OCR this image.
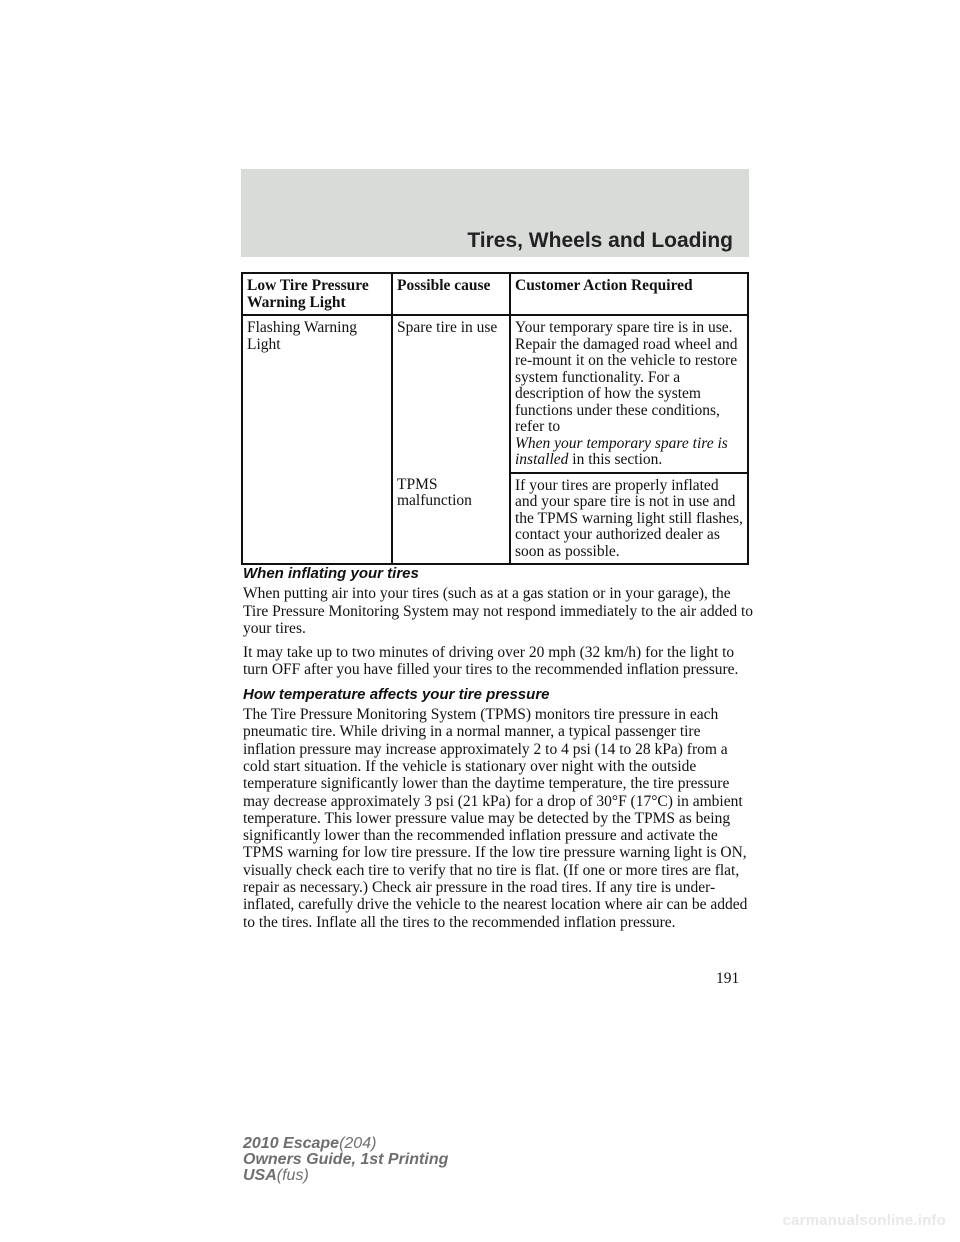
Tires, Wheels and Loading
Low Tire Pressure Warning Light	Possible cause	Customer Action Required
Flashing Warning Light	Spare tire in use	Your temporary spare tire is in use. Repair the damaged road wheel and re-mount it on the vehicle to restore system functionality. For a description of how the system functions under these conditions, refer to
When your temporary spare tire is installed in this section.
	TPMS malfunction	If your tires are properly inflated and your spare tire is not in use and the TPMS warning light still flashes, contact your authorized dealer as soon as possible.
When inflating your tires

When putting air into your tires (such as at a gas station or in your garage), the Tire Pressure Monitoring System may not respond immediately to the air added to your tires.

It may take up to two minutes of driving over 20 mph (32 km/h) for the light to turn OFF after you have filled your tires to the recommended inflation pressure.

How temperature affects your tire pressure

The Tire Pressure Monitoring System (TPMS) monitors tire pressure in each pneumatic tire. While driving in a normal manner, a typical passenger tire inflation pressure may increase approximately 2 to 4 psi (14 to 28 kPa) from a cold start situation. If the vehicle is stationary over night with the outside temperature significantly lower than the daytime temperature, the tire pressure may decrease approximately 3 psi (21 kPa) for a drop of 30°F (17°C) in ambient temperature. This lower pressure value may be detected by the TPMS as being significantly lower than the recommended inflation pressure and activate the TPMS warning for low tire pressure. If the low tire pressure warning light is ON, visually check each tire to verify that no tire is flat. (If one or more tires are flat, repair as necessary.) Check air pressure in the road tires. If any tire is under-inflated, carefully drive the vehicle to the nearest location where air can be added to the tires. Inflate all the tires to the recommended inflation pressure.

191
2010 Escape(204)
Owners Guide, 1st Printing
USA(fus)
carmanualsonline.info
